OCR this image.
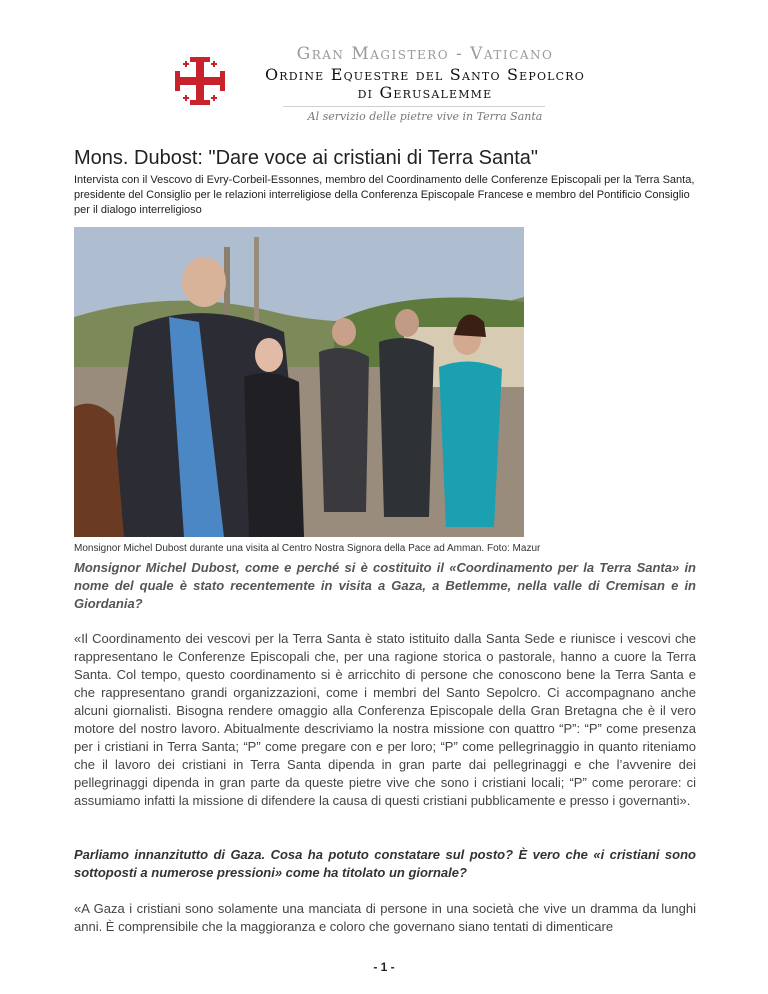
Gran Magistero - Vaticano
Ordine Equestre del Santo Sepolcro
di Gerusalemme
Al servizio delle pietre vive in Terra Santa
Mons. Dubost: "Dare voce ai cristiani di Terra Santa"

Intervista con il Vescovo di Evry-Corbeil-Essonnes, membro del Coordinamento delle Conferenze Episcopali per la Terra Santa, presidente del Consiglio per le relazioni interreligiose della Conferenza Episcopale Francese e membro del Pontificio Consiglio per il dialogo interreligioso

Monsignor Michel Dubost durante una visita al Centro Nostra Signora della Pace ad Amman. Foto: Mazur
Monsignor Michel Dubost, come e perché si è costituito il «Coordinamento per la Terra Santa» in nome del quale è stato recentemente in visita a Gaza, a Betlemme, nella valle di Cremisan e in Giordania?
«Il Coordinamento dei vescovi per la Terra Santa è stato istituito dalla Santa Sede e riunisce i vescovi che rappresentano le Conferenze Episcopali che, per una ragione storica o pastorale, hanno a cuore la Terra Santa. Col tempo, questo coordinamento si è arricchito di persone che conoscono bene la Terra Santa e che rappresentano grandi organizzazioni, come i membri del Santo Sepolcro. Ci accompagnano anche alcuni giornalisti. Bisogna rendere omaggio alla Conferenza Episcopale della Gran Bretagna che è il vero motore del nostro lavoro. Abitualmente descriviamo la nostra missione con quattro “P”: “P” come presenza per i cristiani in Terra Santa; “P” come pregare con e per loro; “P” come pellegrinaggio in quanto riteniamo che il lavoro dei cristiani in Terra Santa dipenda in gran parte dai pellegrinaggi e che l’avvenire dei pellegrinaggi dipenda in gran parte da queste pietre vive che sono i cristiani locali; “P” come perorare: ci assumiamo infatti la missione di difendere la causa di questi cristiani pubblicamente e presso i governanti».
Parliamo innanzitutto di Gaza. Cosa ha potuto constatare sul posto? È vero che «i cristiani sono sottoposti a numerose pressioni» come ha titolato un giornale?
«A Gaza i cristiani sono solamente una manciata di persone in una società che vive un dramma da lunghi anni. È comprensibile che la maggioranza e coloro che governano siano tentati di dimenticare
- 1 -
